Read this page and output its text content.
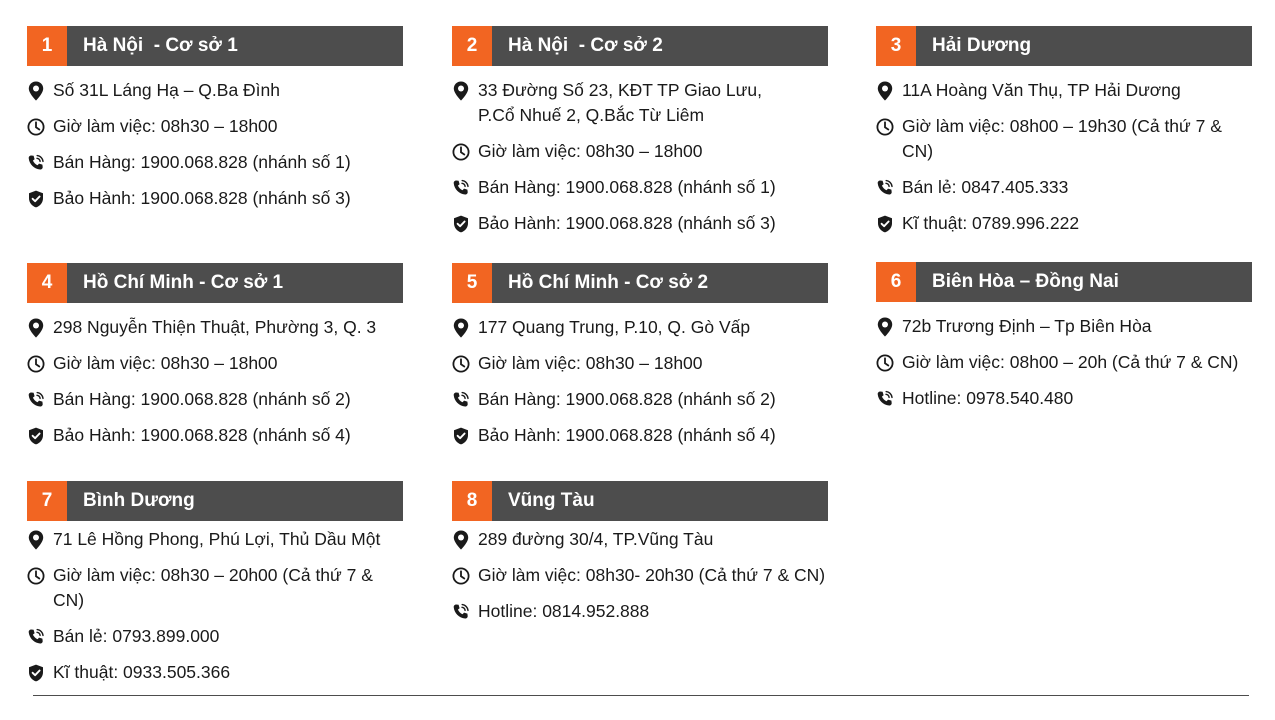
1	Hà Nội  - Cơ sở 1
Số 31L Láng Hạ – Q.Ba Đình
Giờ làm việc: 08h30 – 18h00
Bán Hàng: 1900.068.828 (nhánh số 1)
Bảo Hành: 1900.068.828 (nhánh số 3)
2	Hà Nội  - Cơ sở 2
33 Đường Số 23, KĐT TP Giao Lưu,
P.Cổ Nhuế 2, Q.Bắc Từ Liêm
Giờ làm việc: 08h30 – 18h00
Bán Hàng: 1900.068.828 (nhánh số 1)
Bảo Hành: 1900.068.828 (nhánh số 3)
3	Hải Dương
11A Hoàng Văn Thụ, TP Hải Dương
Giờ làm việc: 08h00 – 19h30 (Cả thứ 7 & CN)
Bán lẻ: 0847.405.333
Kĩ thuật: 0789.996.222
4	Hồ Chí Minh - Cơ sở 1
298 Nguyễn Thiện Thuật, Phường 3, Q. 3
Giờ làm việc: 08h30 – 18h00
Bán Hàng: 1900.068.828 (nhánh số 2)
Bảo Hành: 1900.068.828 (nhánh số 4)
5	Hồ Chí Minh - Cơ sở 2
177 Quang Trung, P.10, Q. Gò Vấp
Giờ làm việc: 08h30 – 18h00
Bán Hàng: 1900.068.828 (nhánh số 2)
Bảo Hành: 1900.068.828 (nhánh số 4)
6	Biên Hòa – Đồng Nai
72b Trương Định – Tp Biên Hòa
Giờ làm việc: 08h00 – 20h (Cả thứ 7 & CN)
Hotline: 0978.540.480
7	Bình Dương
71 Lê Hồng Phong, Phú Lợi, Thủ Dầu Một
Giờ làm việc: 08h30 – 20h00 (Cả thứ 7 & CN)
Bán lẻ: 0793.899.000
Kĩ thuật: 0933.505.366
8	Vũng Tàu
289 đường 30/4, TP.Vũng Tàu
Giờ làm việc: 08h30- 20h30 (Cả thứ 7 & CN)
Hotline: 0814.952.888
